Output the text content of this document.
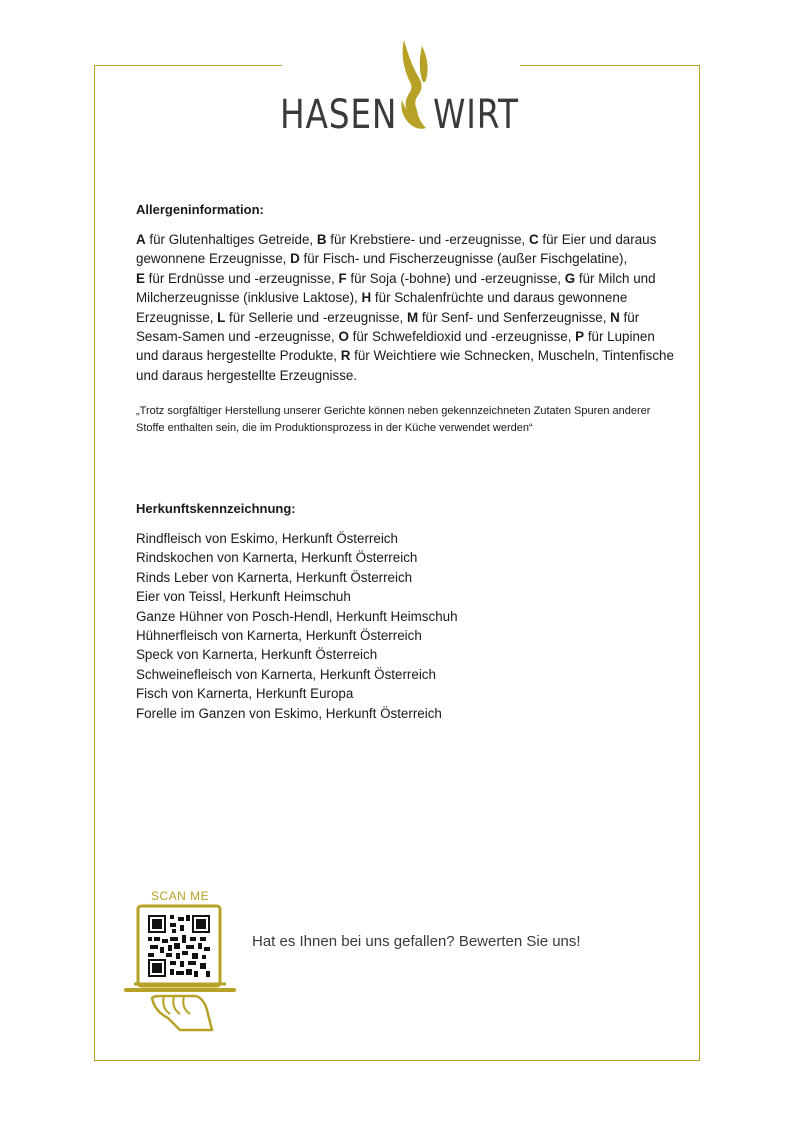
HASEN WIRT
Allergeninformation:
A für Glutenhaltiges Getreide, B für Krebstiere- und -erzeugnisse, C für Eier und daraus gewonnene Erzeugnisse, D für Fisch- und Fischerzeugnisse (außer Fischgelatine),
E für Erdnüsse und -erzeugnisse, F für Soja (-bohne) und -erzeugnisse, G für Milch und Milcherzeugnisse (inklusive Laktose), H für Schalenfrüchte und daraus gewonnene Erzeugnisse, L für Sellerie und -erzeugnisse, M für Senf- und Senferzeugnisse, N für Sesam-Samen und -erzeugnisse, O für Schwefeldioxid und -erzeugnisse, P für Lupinen und daraus hergestellte Produkte, R für Weichtiere wie Schnecken, Muscheln, Tintenfische und daraus hergestellte Erzeugnisse.
„Trotz sorgfältiger Herstellung unserer Gerichte können neben gekennzeichneten Zutaten Spuren anderer Stoffe enthalten sein, die im Produktionsprozess in der Küche verwendet werden“
Herkunftskennzeichnung:
Rindfleisch von Eskimo, Herkunft Österreich
Rindskochen von Karnerta, Herkunft Österreich
Rinds Leber von Karnerta, Herkunft Österreich
Eier von Teissl, Herkunft Heimschuh
Ganze Hühner von Posch-Hendl, Herkunft Heimschuh
Hühnerfleisch von Karnerta, Herkunft Österreich
Speck von Karnerta, Herkunft Österreich
Schweinefleisch von Karnerta, Herkunft Österreich
Fisch von Karnerta, Herkunft Europa
Forelle im Ganzen von Eskimo, Herkunft Österreich
SCAN ME
Hat es Ihnen bei uns gefallen? Bewerten Sie uns!
